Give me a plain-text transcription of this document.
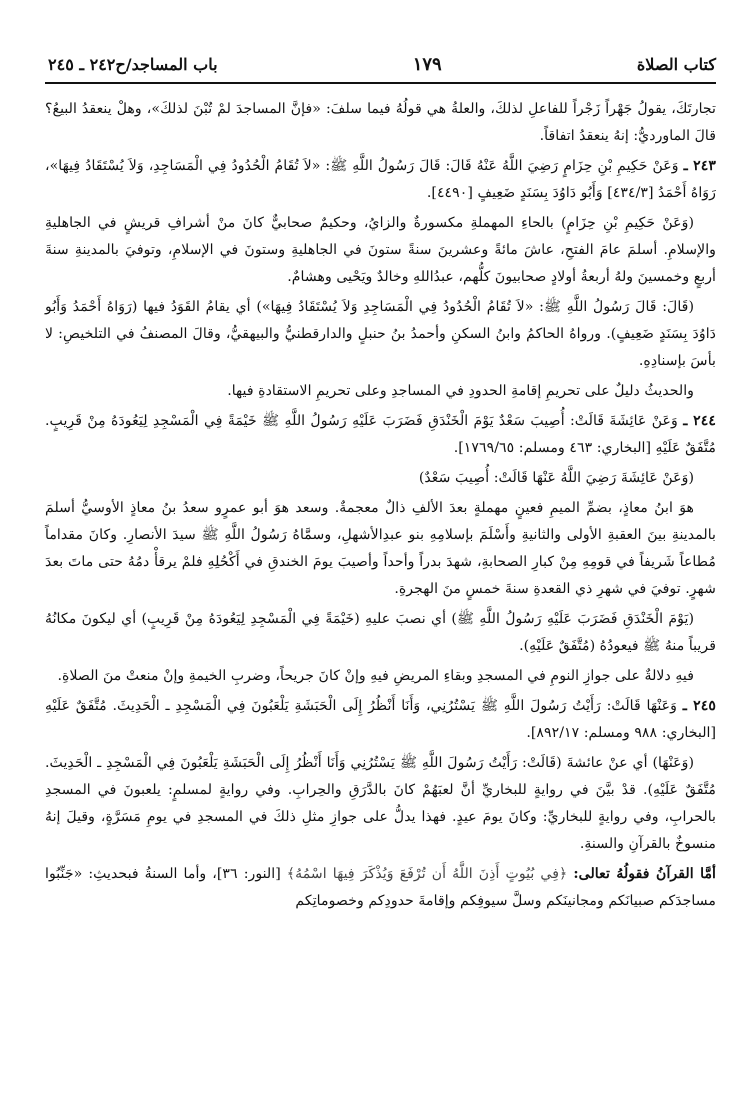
كتاب الصلاة
١٧٩
باب المساجد/ح٢٤٢ ـ ٢٤٥

تجارتَكَ، يقولُ جَهْراً زَجْراً للفاعلِ لذلكَ، والعلةُ هي قولُهُ فيما سلفَ: «فإنَّ المساجدَ لمْ تُبْنَ لذلكَ»، وهلْ ينعقدُ البيعُ؟ قالَ الماورديُّ: إنهُ ينعقدُ اتفاقاً.

٢٤٣ ـ وَعَنْ حَكِيمِ بْنِ حِزَامٍ رَضِيَ اللَّهُ عَنْهُ قَالَ: قَالَ رَسُولُ اللَّهِ ﷺ: «لاَ تُقَامُ الْحُدُودُ فِي الْمَسَاجِدِ، وَلاَ يُسْتَقَادُ فِيهَا»، رَوَاهُ أَحْمَدُ [٤٣٤/٣] وَأَبُو دَاوُدَ بِسَنَدٍ ضَعِيفٍ [٤٤٩٠].

(وَعَنْ حَكِيمِ بْنِ حِزَامٍ) بالحاءِ المهملةِ مكسورةٌ والزايُ، وحكيمٌ صحابيٌّ كانَ منْ أشرافِ قريشٍ في الجاهليةِ والإسلامِ. أسلمَ عامَ الفتحِ، عاشَ مائةً وعشرينَ سنةً ستونَ في الجاهليةِ وستونَ في الإسلامِ، وتوفيَ بالمدينةِ سنةَ أربعٍ وخمسينَ ولهُ أربعةُ أولادٍ صحابيونَ كلُّهم، عبدُاللهِ وخالدٌ ويَحْيى وهشامٌ.

(قَالَ: قَالَ رَسُولُ اللَّهِ ﷺ: «لاَ تُقَامُ الْحُدُودُ فِي الْمَسَاجِدِ وَلاَ يُسْتَقَادُ فِيهَا») أي يقامُ القَوَدُ فيها (رَوَاهُ أَحْمَدُ وَأَبُو دَاوُدَ بِسَنَدٍ ضَعِيفٍ). ورواهُ الحاكمُ وابنُ السكنِ وأحمدُ بنُ حنبلٍ والدارقطنيُّ والبيهقيُّ، وقالَ المصنفُ في التلخيصِ: لا بأسَ بإسنادِهِ.

والحديثُ دليلٌ على تحريمِ إقامةِ الحدودِ في المساجدِ وعلى تحريمِ الاستقادةِ فيها.

٢٤٤ ـ وَعَنْ عَائِشَةَ قَالَتْ: أُصِيبَ سَعْدٌ يَوْمَ الْخَنْدَقِ فَضَرَبَ عَلَيْهِ رَسُولُ اللَّهِ ﷺ خَيْمَةً فِي الْمَسْجِدِ لِيَعُودَهُ مِنْ قَرِيبٍ. مُتَّفَقٌ عَلَيْهِ [البخاري: ٤٦٣ ومسلم: ١٧٦٩/٦٥].

(وَعَنْ عَائِشَةَ رَضِيَ اللَّهُ عَنْهَا قَالَتْ: أُصِيبَ سَعْدٌ)

هوَ ابنُ معاذٍ، بضمِّ الميمِ فعينٍ مهملةٍ بعدَ الألفِ ذالٌ معجمةٌ. وسعد هوَ أبو عمرٍو سعدُ بنُ معاذٍ الأوسيُّ أسلمَ بالمدينةِ بينَ العقبةِ الأولى والثانيةِ وأَسْلَمَ بإسلامِهِ بنو عبدِالأشهلِ، وسمَّاهُ رَسُولُ اللَّهِ ﷺ سيدَ الأنصارِ. وكانَ مقداماً مُطاعاً شَريفاً في قومِهِ مِنْ كبارِ الصحابةِ، شهدَ بدراً وأحداً وأصيبَ يومَ الخندقِ في أَكْحُلِهِ فلمْ يرقأْ دمُهُ حتى ماتَ بعدَ شهرٍ. توفيَ في شهرِ ذي القعدةِ سنةَ خمسٍ منَ الهجرةِ.

(يَوْمَ الْخَنْدَقِ فَضَرَبَ عَلَيْهِ رَسُولُ اللَّهِ ﷺ) أي نصبَ عليهِ (خَيْمَةً فِي الْمَسْجِدِ لِيَعُودَهُ مِنْ قَرِيبٍ) أي ليكونَ مكانُهُ قريباً منهُ ﷺ فيعودُهُ (مُتَّفَقٌ عَلَيْهِ).

فيهِ دلالةٌ على جوازِ النومِ في المسجدِ وبقاءِ المريضِ فيهِ وإنْ كانَ جريحاً، وضربِ الخيمةِ وإنْ منعتْ منَ الصلاةِ.

٢٤٥ ـ وَعَنْهَا قَالَتْ: رَأَيْتُ رَسُولَ اللَّهِ ﷺ يَسْتُرُنِي، وَأَنَا أَنْظُرُ إِلَى الْحَبَشَةِ يَلْعَبُونَ فِي الْمَسْجِدِ ـ الْحَدِيثَ. مُتَّفَقٌ عَلَيْهِ [البخاري: ٩٨٨ ومسلم: ٨٩٢/١٧].

(وَعَنْهَا) أي عنْ عائشةَ (قَالَتْ: رَأَيْتُ رَسُولَ اللَّهِ ﷺ يَسْتُرُنِي وَأَنَا أَنْظُرُ إِلَى الْحَبَشَةِ يَلْعَبُونَ فِي الْمَسْجِدِ ـ الْحَدِيثَ. مُتَّفَقٌ عَلَيْهِ). قدْ بيَّنَ في روايةٍ للبخاريِّ أنَّ لعبَهُمْ كانَ بالدَّرَقِ والحِرابِ. وفي روايةٍ لمسلمٍ: يلعبونَ في المسجدِ بالحرابِ، وفي روايةٍ للبخاريِّ: وكانَ يومَ عيدٍ. فهذا يدلُّ على جوازِ مثلِ ذلكَ في المسجدِ في يومِ مَسَرَّةٍ، وقيلَ إنهُ منسوخٌ بالقرآنِ والسنةِ.

أمَّا القرآنُ فقولُهُ تعالى: ﴿فِي بُيُوتٍ أَذِنَ اللَّهُ أَن تُرْفَعَ وَيُذْكَرَ فِيهَا اسْمُهُ﴾ [النور: ٣٦]، وأما السنةُ فبحديثِ: «جَنِّبُوا مساجدَكم صبيانَكم ومجانينَكم وسلَّ سيوفِكم وإقامةَ حدودِكم وخصوماتِكم
